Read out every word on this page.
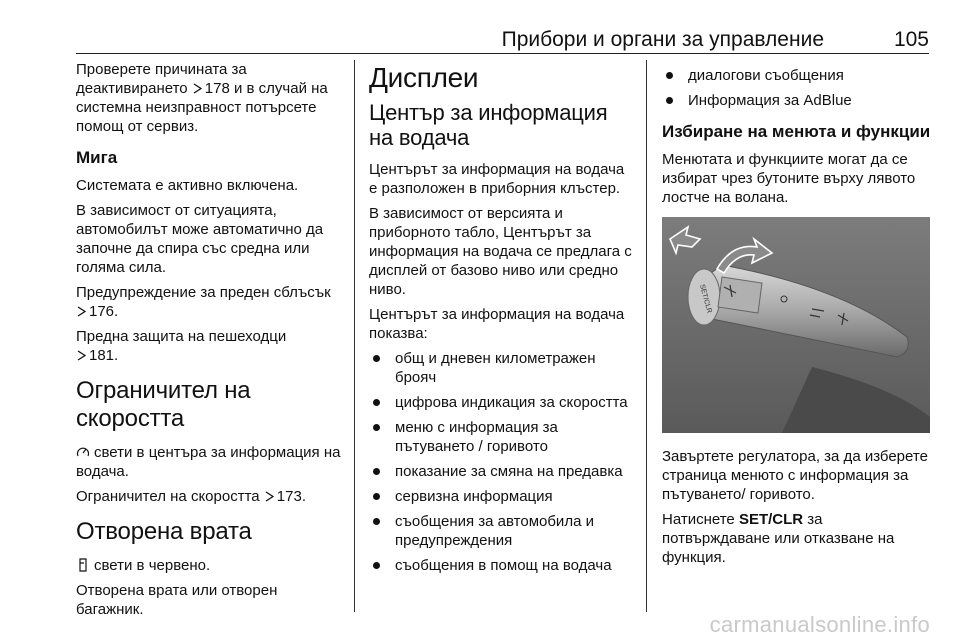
Прибори и органи за управление	105

Проверете причината за деактивирането 178 и в случай на системна неизправност потърсете помощ от сервиз.

Мига

Системата е активно включена.

В зависимост от ситуацията, автомобилът може автоматично да започне да спира със средна или голяма сила.

Предупреждение за преден сблъсък 176.

Предна защита на пешеходци
181.

Ограничител на скоростта

свети в центъра за информация на водача.

Ограничител на скоростта 173.

Отворена врата

свети в червено.

Отворена врата или отворен багажник.

Дисплеи
Център за информация на водача

Центърът за информация на водача е разположен в приборния клъстер.

В зависимост от версията и приборното табло, Центърът за информация на водача се предлага с дисплей от базово ниво или средно ниво.

Центърът за информация на водача показва:

общ и дневен километражен брояч
цифрова индикация за скоростта
меню с информация за пътуването / горивото
показание за смяна на предавка
сервизна информация
съобщения за автомобила и предупреждения
съобщения в помощ на водача
диалогови съобщения
Информация за AdBlue
Избиране на менюта и функции

Менютата и функциите могат да се избират чрез бутоните върху лявото лостче на волана.

SET/CLR

Завъртете регулатора, за да изберете страница менюто с информация за пътуването/ горивото.

Натиснете SET/CLR за потвърждаване или отказване на функция.

carmanualsonline.info
